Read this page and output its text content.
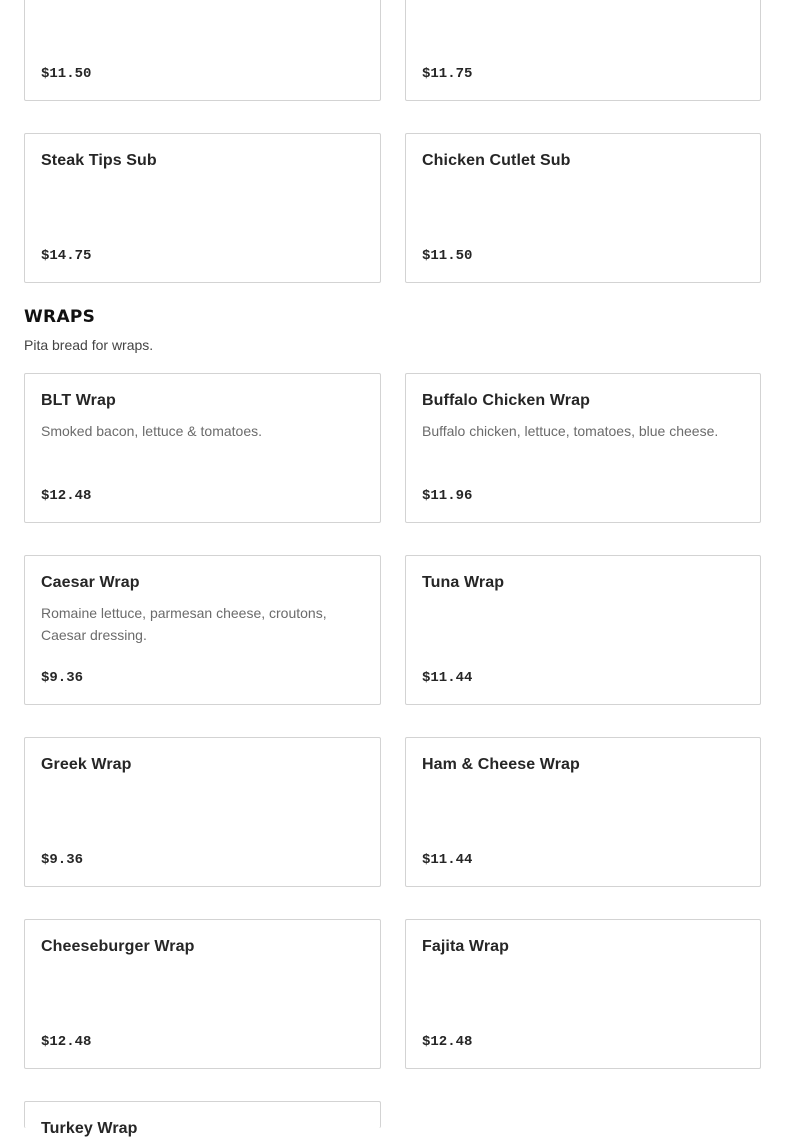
$11.50	$11.75
Steak Tips Sub
$14.75
Chicken Cutlet Sub
$11.50
WRAPS

Pita bread for wraps.

BLT Wrap
Smoked bacon, lettuce & tomatoes.
$12.48
Buffalo Chicken Wrap
Buffalo chicken, lettuce, tomatoes, blue cheese.
$11.96
Caesar Wrap
Romaine lettuce, parmesan cheese, croutons, Caesar dressing.
$9.36
Tuna Wrap
$11.44
Greek Wrap
$9.36
Ham & Cheese Wrap
$11.44
Cheeseburger Wrap
$12.48
Fajita Wrap
$12.48
Turkey Wrap
